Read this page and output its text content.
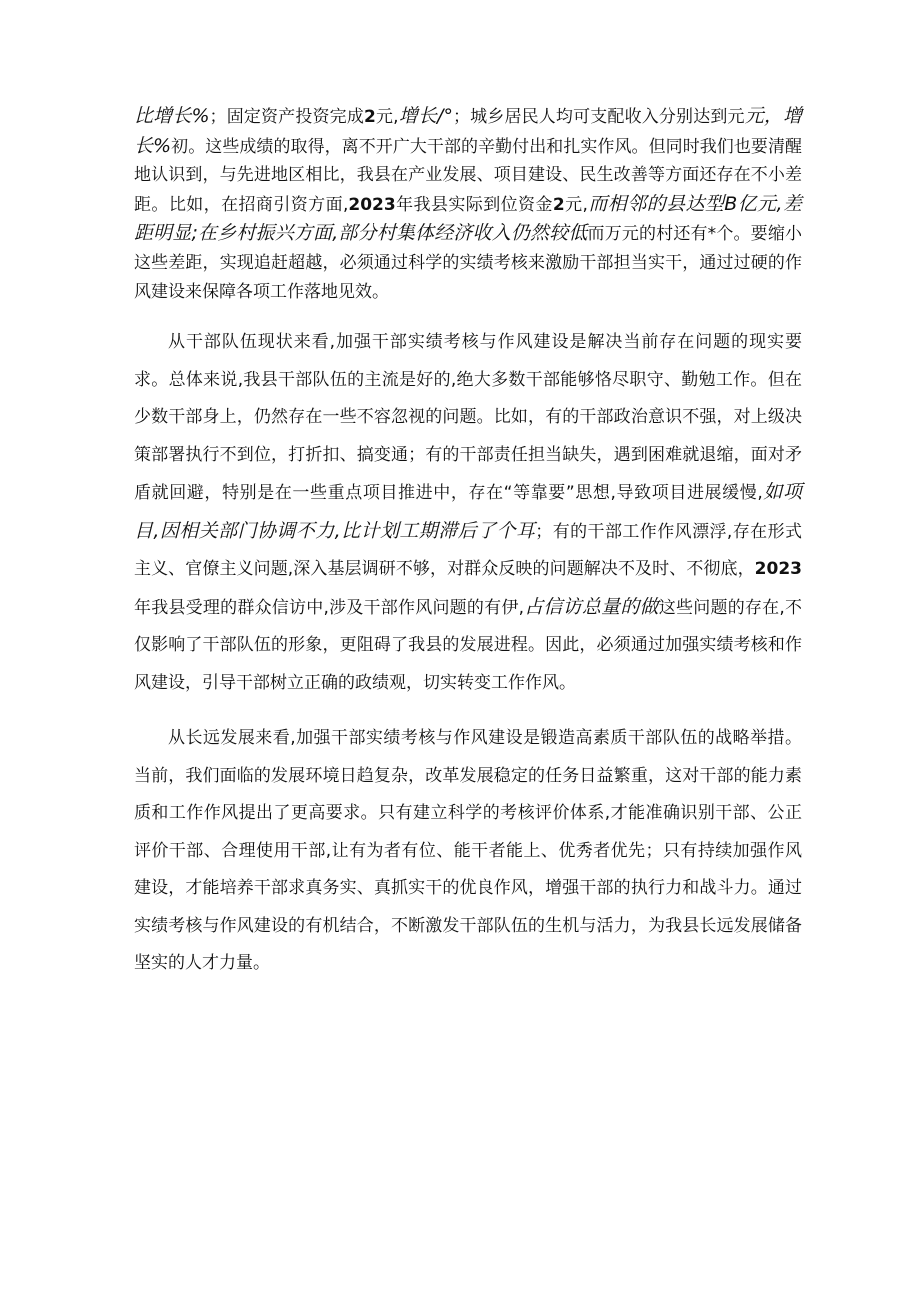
比增长%；固定资产投资完成2元,增长/°；城乡居民人均可支配收入分别达到元元，增长%初。这些成绩的取得，离不开广大干部的辛勤付出和扎实作风。但同时我们也要清醒地认识到，与先进地区相比，我县在产业发展、项目建设、民生改善等方面还存在不小差距。比如，在招商引资方面,2023年我县实际到位资金2元,而相邻的县达型B亿元,差距明显;在乡村振兴方面,部分村集体经济收入仍然较低而万元的村还有*个。要缩小这些差距，实现追赶超越，必须通过科学的实绩考核来激励干部担当实干，通过过硬的作风建设来保障各项工作落地见效。

从干部队伍现状来看,加强干部实绩考核与作风建设是解决当前存在问题的现实要求。总体来说,我县干部队伍的主流是好的,绝大多数干部能够恪尽职守、勤勉工作。但在少数干部身上，仍然存在一些不容忽视的问题。比如，有的干部政治意识不强，对上级决策部署执行不到位，打折扣、搞变通；有的干部责任担当缺失，遇到困难就退缩，面对矛盾就回避，特别是在一些重点项目推进中，存在“等靠要”思想,导致项目进展缓慢,如项目,因相关部门协调不力,比计划工期滞后了个耳；有的干部工作作风漂浮,存在形式主义、官僚主义问题,深入基层调研不够，对群众反映的问题解决不及时、不彻底，2023年我县受理的群众信访中,涉及干部作风问题的有伊,占信访总量的做这些问题的存在,不仅影响了干部队伍的形象，更阻碍了我县的发展进程。因此，必须通过加强实绩考核和作风建设，引导干部树立正确的政绩观，切实转变工作作风。

从长远发展来看,加强干部实绩考核与作风建设是锻造高素质干部队伍的战略举措。当前，我们面临的发展环境日趋复杂，改革发展稳定的任务日益繁重，这对干部的能力素质和工作作风提出了更高要求。只有建立科学的考核评价体系,才能准确识别干部、公正评价干部、合理使用干部,让有为者有位、能干者能上、优秀者优先；只有持续加强作风建设，才能培养干部求真务实、真抓实干的优良作风，增强干部的执行力和战斗力。通过实绩考核与作风建设的有机结合，不断激发干部队伍的生机与活力，为我县长远发展储备坚实的人才力量。
